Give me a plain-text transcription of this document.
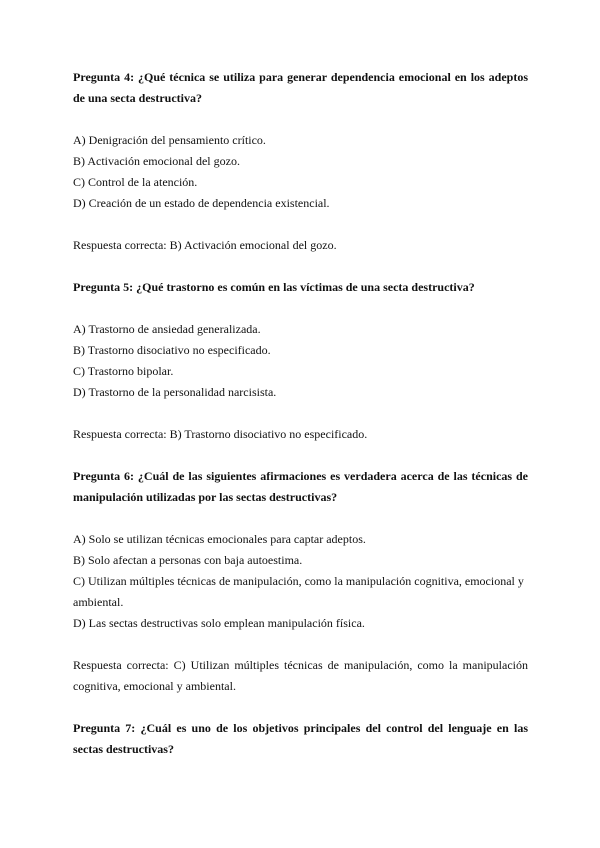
Pregunta 4: ¿Qué técnica se utiliza para generar dependencia emocional en los adeptos de una secta destructiva?

A) Denigración del pensamiento crítico.
B) Activación emocional del gozo.
C) Control de la atención.
D) Creación de un estado de dependencia existencial.

Respuesta correcta: B) Activación emocional del gozo.

Pregunta 5: ¿Qué trastorno es común en las víctimas de una secta destructiva?

A) Trastorno de ansiedad generalizada.
B) Trastorno disociativo no especificado.
C) Trastorno bipolar.
D) Trastorno de la personalidad narcisista.

Respuesta correcta: B) Trastorno disociativo no especificado.

Pregunta 6: ¿Cuál de las siguientes afirmaciones es verdadera acerca de las técnicas de manipulación utilizadas por las sectas destructivas?

A) Solo se utilizan técnicas emocionales para captar adeptos.
B) Solo afectan a personas con baja autoestima.
C) Utilizan múltiples técnicas de manipulación, como la manipulación cognitiva, emocional y ambiental.
D) Las sectas destructivas solo emplean manipulación física.

Respuesta correcta: C) Utilizan múltiples técnicas de manipulación, como la manipulación cognitiva, emocional y ambiental.

Pregunta 7: ¿Cuál es uno de los objetivos principales del control del lenguaje en las sectas destructivas?
